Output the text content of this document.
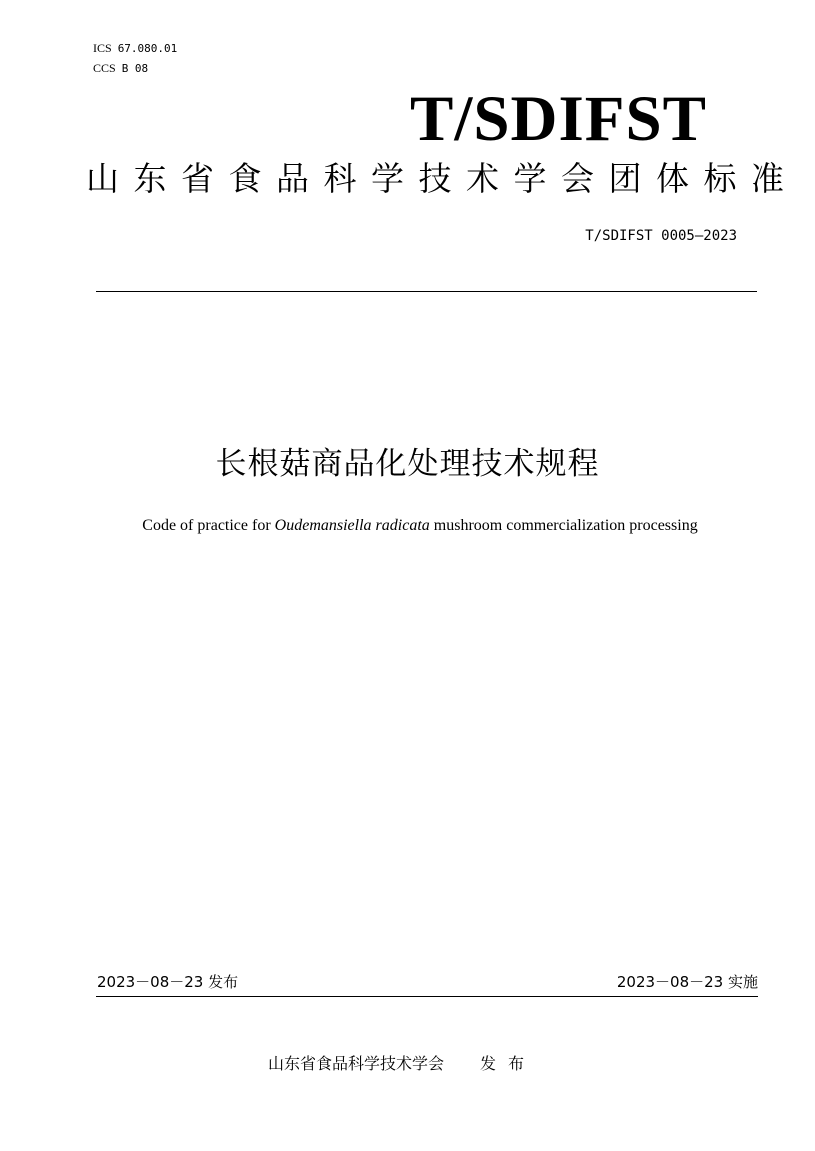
ICS 67.080.01
CCS B 08
T/SDIFST
山东省食品科学技术学会团体标准
T/SDIFST 0005—2023
长根菇商品化处理技术规程
Code of practice for Oudemansiella radicata mushroom commercialization processing
2023－08－23 发布	2023－08－23 实施
山东省食品科学技术学会 发布
